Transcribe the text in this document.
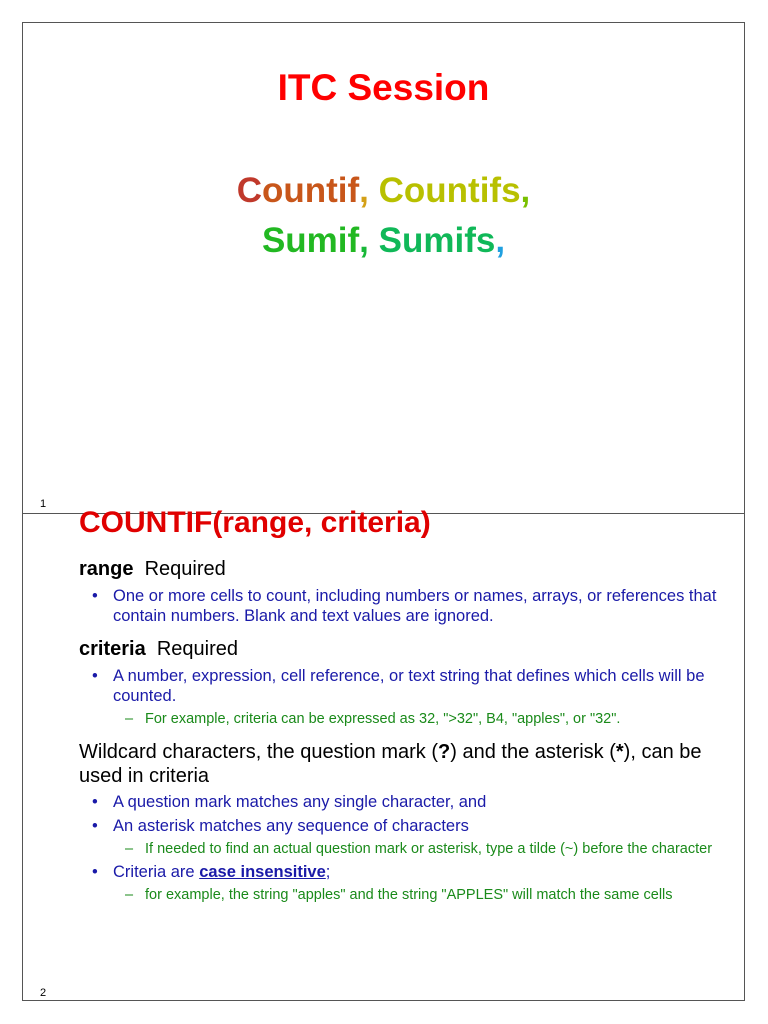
ITC Session
Countif, Countifs,
Sumif, Sumifs,
1
COUNTIF(range, criteria)
range Required
• One or more cells to count, including numbers or names, arrays, or references that contain numbers. Blank and text values are ignored.
criteria Required
• A number, expression, cell reference, or text string that defines which cells will be counted.
– For example, criteria can be expressed as 32, ">32", B4, "apples", or "32".
Wildcard characters, the question mark (?) and the asterisk (*), can be used in criteria
• A question mark matches any single character, and
• An asterisk matches any sequence of characters
– If needed to find an actual question mark or asterisk, type a tilde (~) before the character
• Criteria are case insensitive;
– for example, the string "apples" and the string "APPLES" will match the same cells
2
